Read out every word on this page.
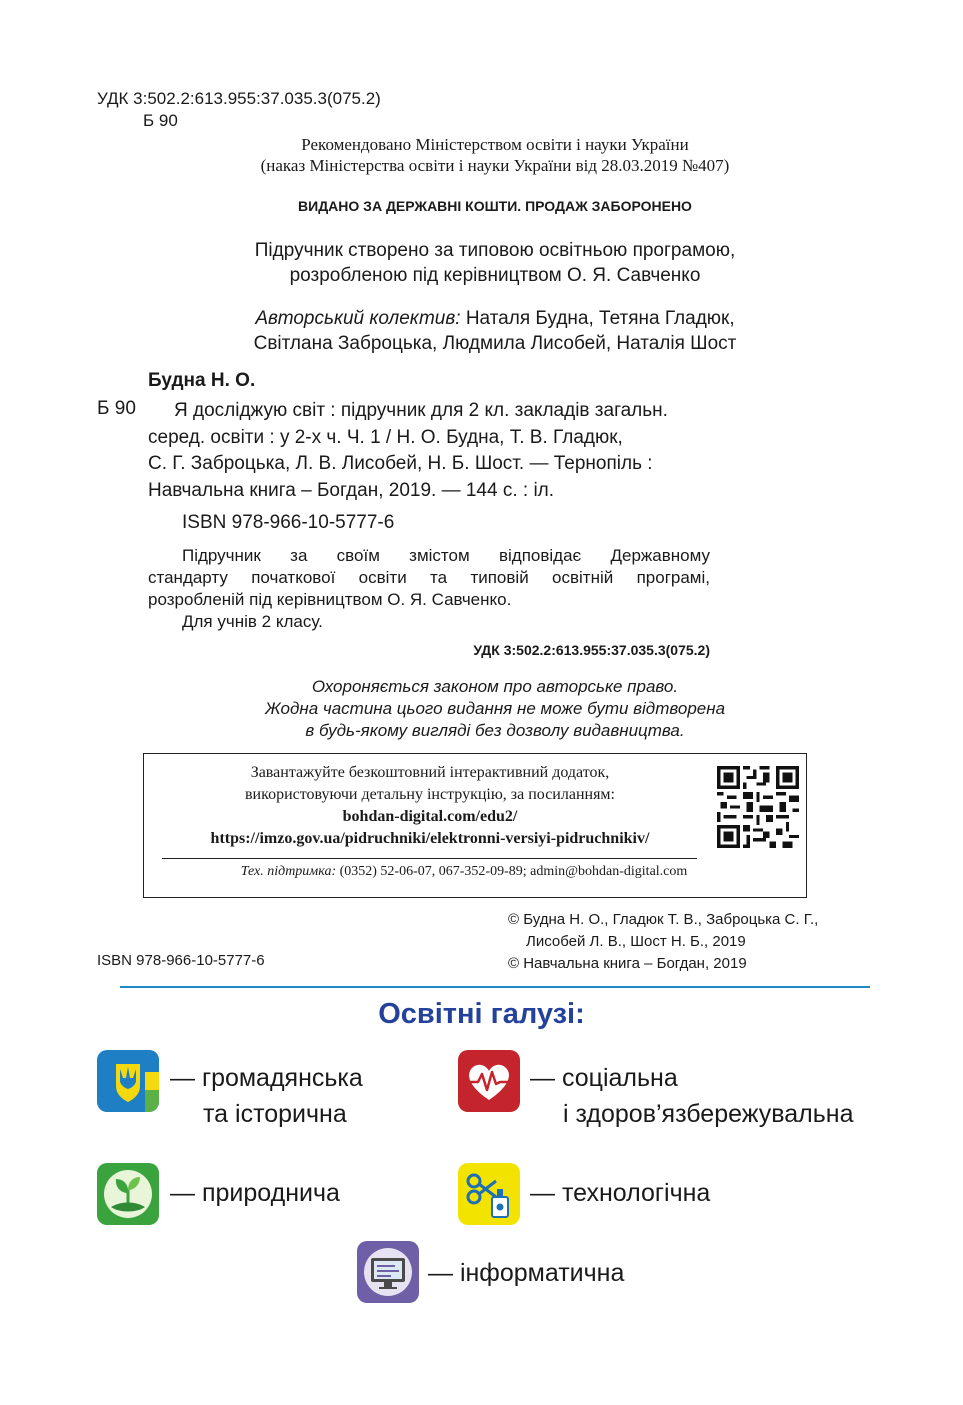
УДК 3:502.2:613.955:37.035.3(075.2)
Б 90
Рекомендовано Міністерством освіти і науки України
(наказ Міністерства освіти і науки України від 28.03.2019 №407)
ВИДАНО ЗА ДЕРЖАВНІ КОШТИ. ПРОДАЖ ЗАБОРОНЕНО
Підручник створено за типовою освітньою програмою,
розробленою під керівництвом О. Я. Савченко
Авторський колектив: Наталя Будна, Тетяна Гладюк,
Світлана Заброцька, Людмила Лисобей, Наталія Шост
Будна Н. О.
Б 90	Я досліджую світ : підручник для 2 кл. закладів загальн.
серед. освіти : у 2-х ч. Ч. 1 / Н. О. Будна, Т. В. Гладюк,
С. Г. Заброцька, Л. В. Лисобей, Н. Б. Шост. — Тернопіль :
Навчальна книга – Богдан, 2019. — 144 с. : іл.
ISBN 978-966-10-5777-6
Підручник за своїм змістом відповідає Державному
стандарту початкової освіти та типовій освітній програмі,
розробленій під керівництвом О. Я. Савченко.
Для учнів 2 класу.
УДК 3:502.2:613.955:37.035.3(075.2)
Охороняється законом про авторське право.
Жодна частина цього видання не може бути відтворена
в будь-якому вигляді без дозволу видавництва.
Завантажуйте безкоштовний інтерактивний додаток,
використовуючи детальну інструкцію, за посиланням:
bohdan-digital.com/edu2/
https://imzo.gov.ua/pidruchniki/elektronni-versiyi-pidruchnikiv/
Тех. підтримка: (0352) 52-06-07, 067-352-09-89; admin@bohdan-digital.com
© Будна Н. О., Гладюк Т. В., Заброцька С. Г.,
Лисобей Л. В., Шост Н. Б., 2019
© Навчальна книга – Богдан, 2019
ISBN 978-966-10-5777-6
Освітні галузі:
— громадянська
та історична
— соціальна
і здоров’язбережувальна
— природнича	— технологічна
— інформатична
